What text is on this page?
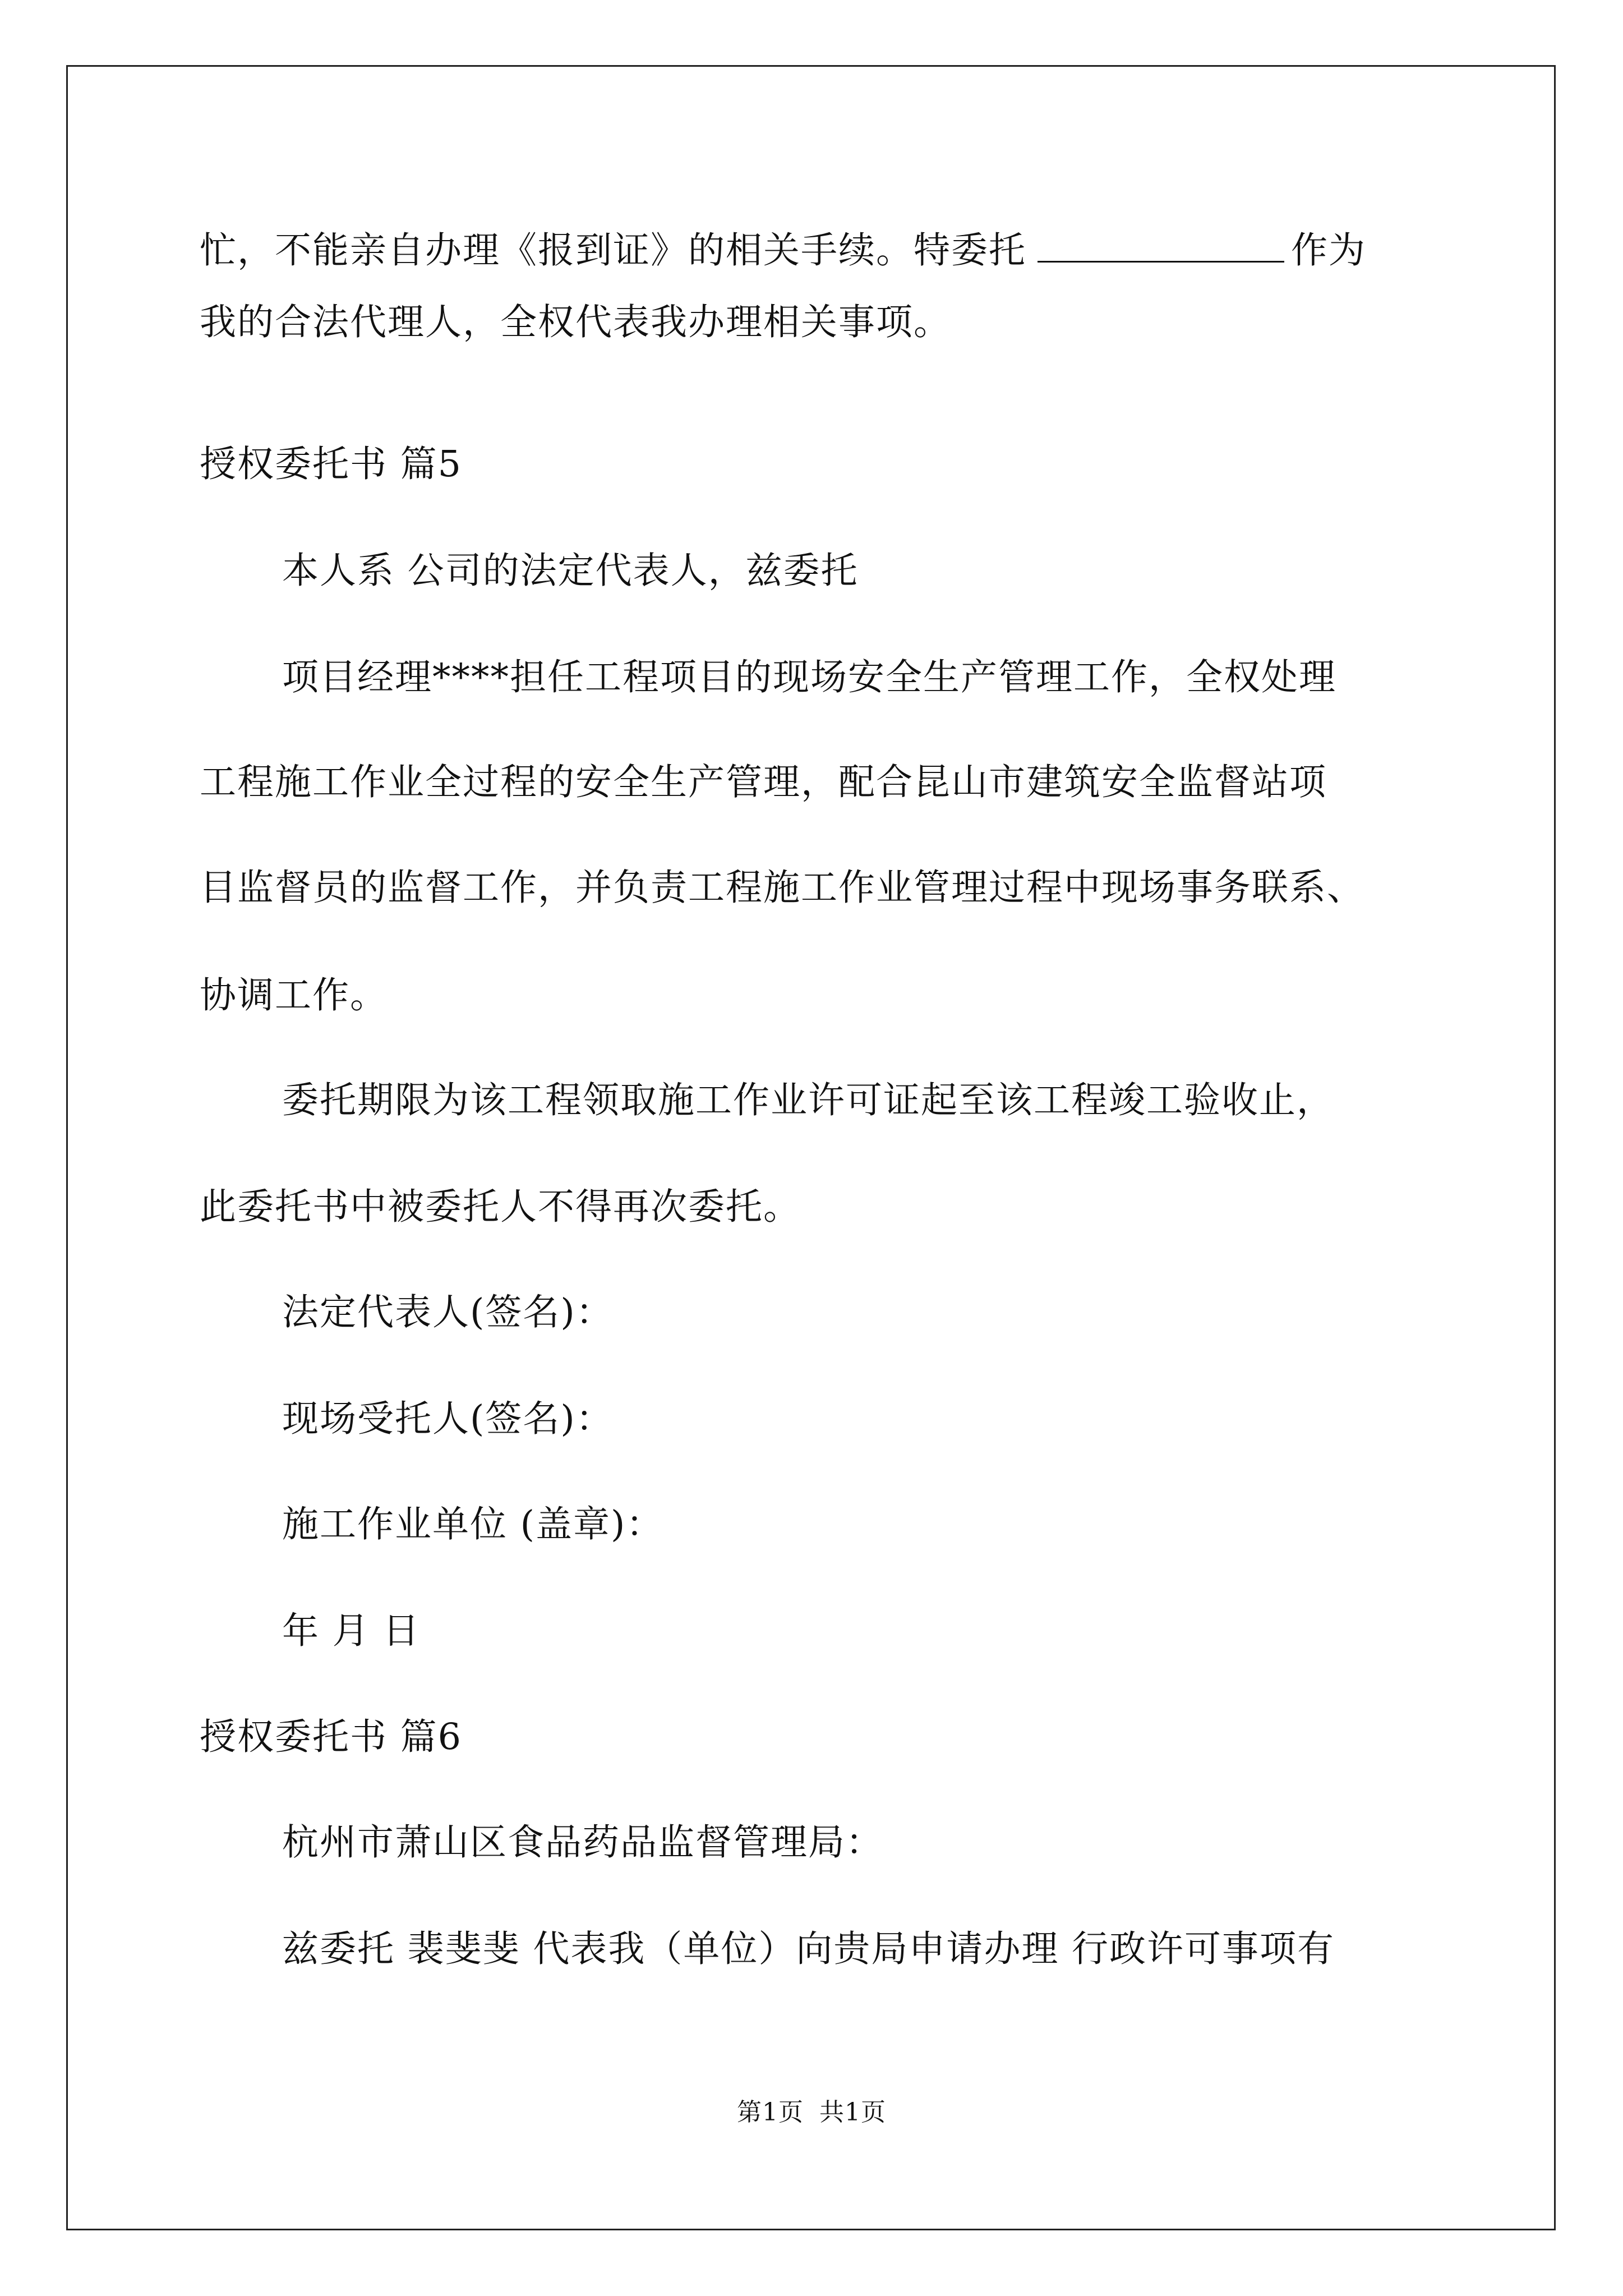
忙，不能亲自办理《报到证》的相关手续。特委托	作为
我的合法代理人，全权代表我办理相关事项。
授权委托书 篇5
本人系 公司的法定代表人，兹委托
项目经理****担任工程项目的现场安全生产管理工作，全权处理
工程施工作业全过程的安全生产管理，配合昆山市建筑安全监督站项
目监督员的监督工作，并负责工程施工作业管理过程中现场事务联系、
协调工作。
委托期限为该工程领取施工作业许可证起至该工程竣工验收止，
此委托书中被委托人不得再次委托。
法定代表人(签名)：
现场受托人(签名)：
施工作业单位 (盖章)：
年 月 日
授权委托书 篇6
杭州市萧山区食品药品监督管理局：
兹委托 裴斐斐 代表我（单位）向贵局申请办理 行政许可事项有
第1页 共1页
